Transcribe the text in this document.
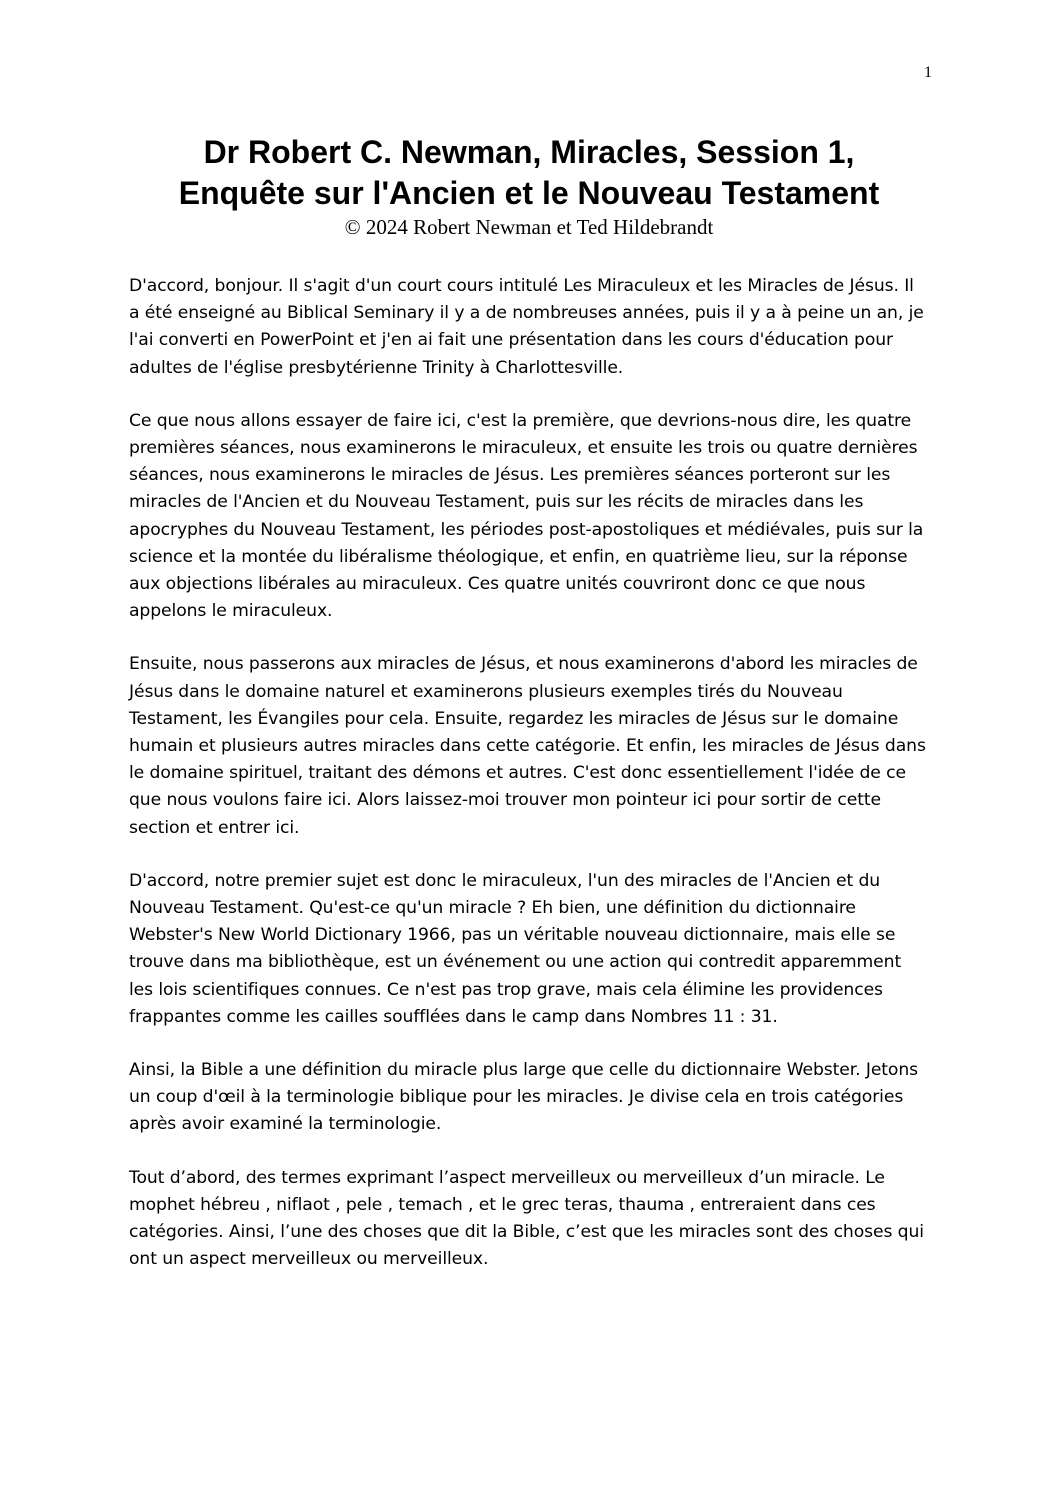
1
Dr Robert C. Newman, Miracles, Session 1,
Enquête sur l'Ancien et le Nouveau Testament
© 2024 Robert Newman et Ted Hildebrandt

D'accord, bonjour. Il s'agit d'un court cours intitulé Les Miraculeux et les Miracles de Jésus. Il a été enseigné au Biblical Seminary il y a de nombreuses années, puis il y a à peine un an, je l'ai converti en PowerPoint et j'en ai fait une présentation dans les cours d'éducation pour adultes de l'église presbytérienne Trinity à Charlottesville.

Ce que nous allons essayer de faire ici, c'est la première, que devrions-nous dire, les quatre premières séances, nous examinerons le miraculeux, et ensuite les trois ou quatre dernières séances, nous examinerons le miracles de Jésus. Les premières séances porteront sur les miracles de l'Ancien et du Nouveau Testament, puis sur les récits de miracles dans les apocryphes du Nouveau Testament, les périodes post-apostoliques et médiévales, puis sur la science et la montée du libéralisme théologique, et enfin, en quatrième lieu, sur la réponse aux objections libérales au miraculeux. Ces quatre unités couvriront donc ce que nous appelons le miraculeux.

Ensuite, nous passerons aux miracles de Jésus, et nous examinerons d'abord les miracles de Jésus dans le domaine naturel et examinerons plusieurs exemples tirés du Nouveau Testament, les Évangiles pour cela. Ensuite, regardez les miracles de Jésus sur le domaine humain et plusieurs autres miracles dans cette catégorie. Et enfin, les miracles de Jésus dans le domaine spirituel, traitant des démons et autres. C'est donc essentiellement l'idée de ce que nous voulons faire ici. Alors laissez-moi trouver mon pointeur ici pour sortir de cette section et entrer ici.

D'accord, notre premier sujet est donc le miraculeux, l'un des miracles de l'Ancien et du Nouveau Testament. Qu'est-ce qu'un miracle ? Eh bien, une définition du dictionnaire Webster's New World Dictionary 1966, pas un véritable nouveau dictionnaire, mais elle se trouve dans ma bibliothèque, est un événement ou une action qui contredit apparemment les lois scientifiques connues. Ce n'est pas trop grave, mais cela élimine les providences frappantes comme les cailles soufflées dans le camp dans Nombres 11 : 31.

Ainsi, la Bible a une définition du miracle plus large que celle du dictionnaire Webster. Jetons un coup d'œil à la terminologie biblique pour les miracles. Je divise cela en trois catégories après avoir examiné la terminologie.

Tout d’abord, des termes exprimant l’aspect merveilleux ou merveilleux d’un miracle. Le mophet hébreu , niflaot , pele , temach , et le grec teras, thauma , entreraient dans ces catégories. Ainsi, l’une des choses que dit la Bible, c’est que les miracles sont des choses qui ont un aspect merveilleux ou merveilleux.
